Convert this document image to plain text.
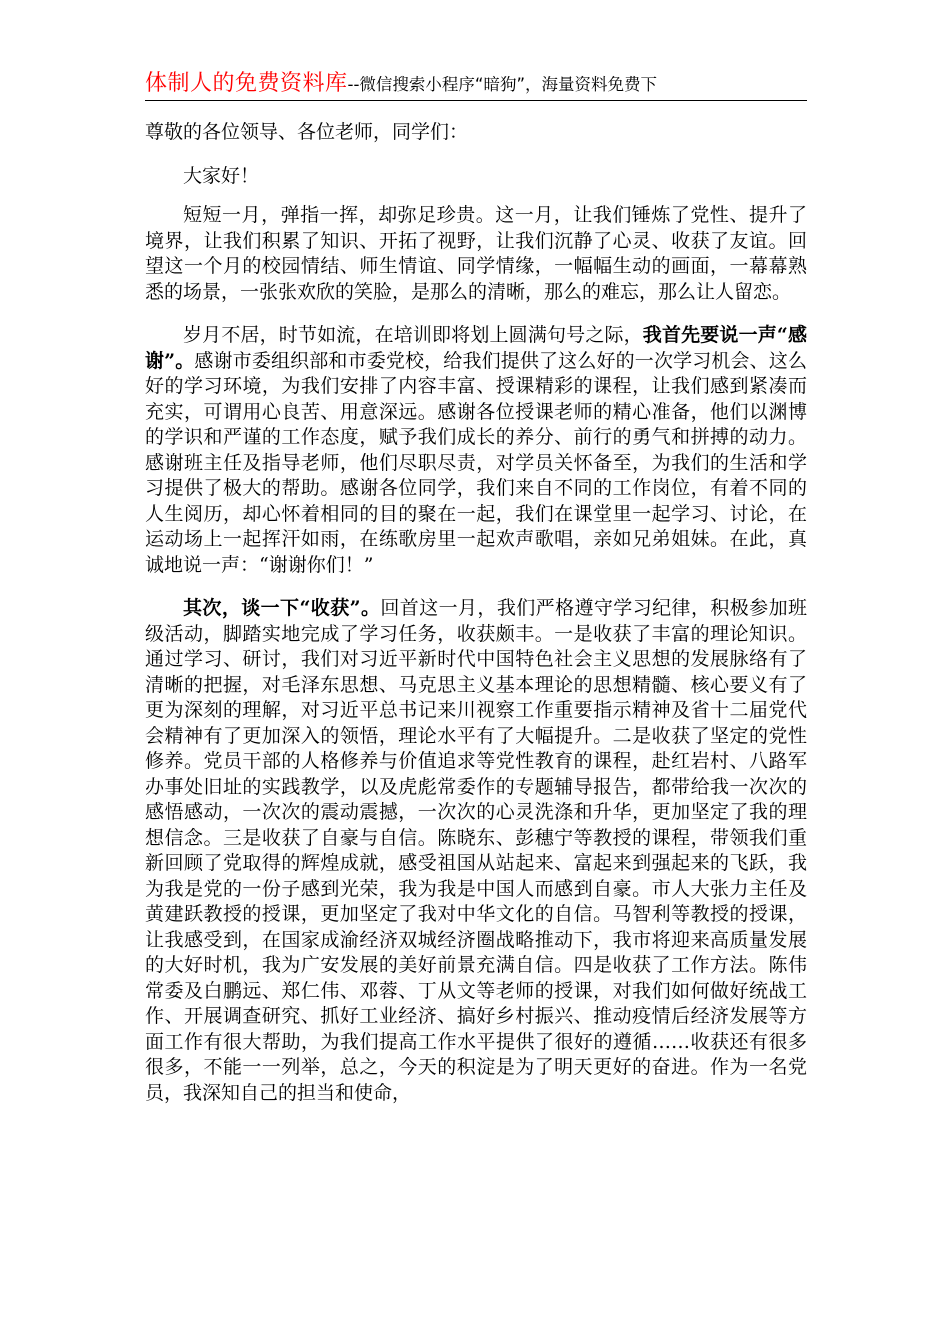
体制人的免费资料库--微信搜索小程序“暗狗”，海量资料免费下

尊敬的各位领导、各位老师，同学们：

大家好！

短短一月，弹指一挥，却弥足珍贵。这一月，让我们锤炼了党性、提升了境界，让我们积累了知识、开拓了视野，让我们沉静了心灵、收获了友谊。回望这一个月的校园情结、师生情谊、同学情缘，一幅幅生动的画面，一幕幕熟悉的场景，一张张欢欣的笑脸，是那么的清晰，那么的难忘，那么让人留恋。

岁月不居，时节如流，在培训即将划上圆满句号之际，我首先要说一声“感谢”。感谢市委组织部和市委党校，给我们提供了这么好的一次学习机会、这么好的学习环境，为我们安排了内容丰富、授课精彩的课程，让我们感到紧凑而充实，可谓用心良苦、用意深远。感谢各位授课老师的精心准备，他们以渊博的学识和严谨的工作态度，赋予我们成长的养分、前行的勇气和拼搏的动力。感谢班主任及指导老师，他们尽职尽责，对学员关怀备至，为我们的生活和学习提供了极大的帮助。感谢各位同学，我们来自不同的工作岗位，有着不同的人生阅历，却心怀着相同的目的聚在一起，我们在课堂里一起学习、讨论，在运动场上一起挥汗如雨，在练歌房里一起欢声歌唱，亲如兄弟姐妹。在此，真诚地说一声：“谢谢你们！”

其次，谈一下“收获”。回首这一月，我们严格遵守学习纪律，积极参加班级活动，脚踏实地完成了学习任务，收获颇丰。一是收获了丰富的理论知识。通过学习、研讨，我们对习近平新时代中国特色社会主义思想的发展脉络有了清晰的把握，对毛泽东思想、马克思主义基本理论的思想精髓、核心要义有了更为深刻的理解，对习近平总书记来川视察工作重要指示精神及省十二届党代会精神有了更加深入的领悟，理论水平有了大幅提升。二是收获了坚定的党性修养。党员干部的人格修养与价值追求等党性教育的课程，赴红岩村、八路军办事处旧址的实践教学，以及虎彪常委作的专题辅导报告，都带给我一次次的感悟感动，一次次的震动震撼，一次次的心灵洗涤和升华，更加坚定了我的理想信念。三是收获了自豪与自信。陈晓东、彭穗宁等教授的课程，带领我们重新回顾了党取得的辉煌成就，感受祖国从站起来、富起来到强起来的飞跃，我为我是党的一份子感到光荣，我为我是中国人而感到自豪。市人大张力主任及黄建跃教授的授课，更加坚定了我对中华文化的自信。马智利等教授的授课，让我感受到，在国家成渝经济双城经济圈战略推动下，我市将迎来高质量发展的大好时机，我为广安发展的美好前景充满自信。四是收获了工作方法。陈伟常委及白鹏远、郑仁伟、邓蓉、丁从文等老师的授课，对我们如何做好统战工作、开展调查研究、抓好工业经济、搞好乡村振兴、推动疫情后经济发展等方面工作有很大帮助，为我们提高工作水平提供了很好的遵循……收获还有很多很多，不能一一列举，总之，今天的积淀是为了明天更好的奋进。作为一名党员，我深知自己的担当和使命，
